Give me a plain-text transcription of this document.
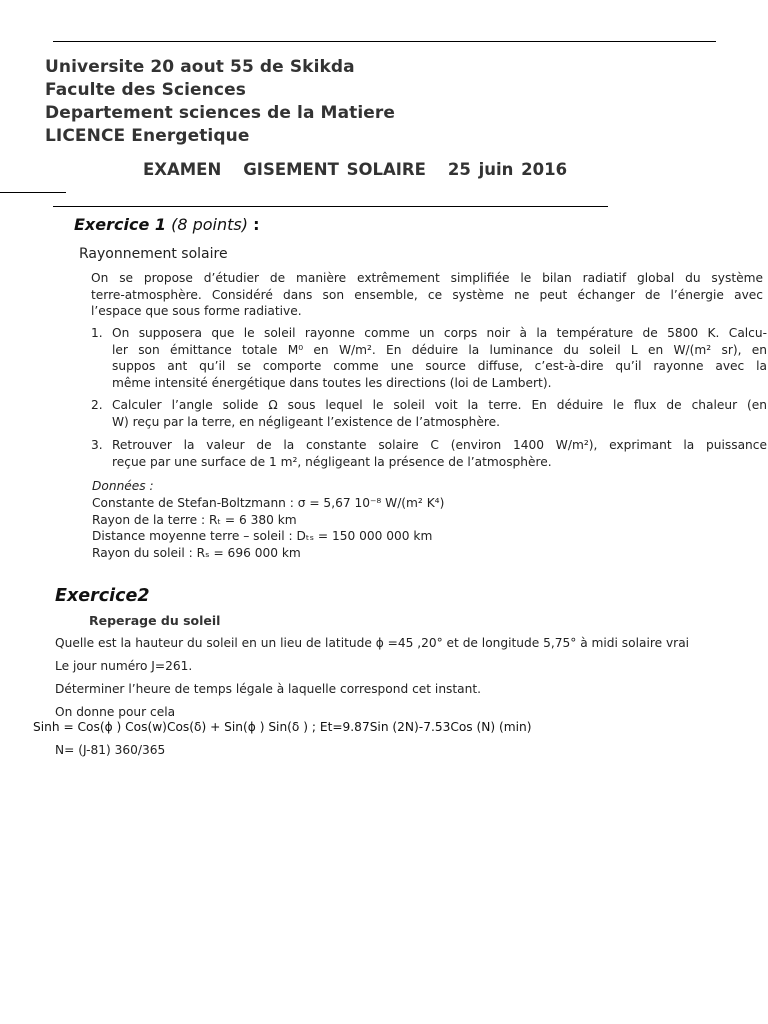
Universite 20 aout 55 de Skikda
Faculte des Sciences
Departement sciences de la Matiere
LICENCE Energetique
EXAMEN GISEMENT SOLAIRE 25 juin 2016
Exercice 1 (8 points) :
Rayonnement solaire
On se propose d’étudier de manière extrêmement simplifiée le bilan radiatif global du système
terre-atmosphère. Considéré dans son ensemble, ce système ne peut échanger de l’énergie avec
l’espace que sous forme radiative.
1. On supposera que le soleil rayonne comme un corps noir à la température de 5800 K. Calcu-
ler son émittance totale M⁰ en W/m². En déduire la luminance du soleil L en W/(m² sr), en
suppos ant qu’il se comporte comme une source diffuse, c’est-à-dire qu’il rayonne avec la
même intensité énergétique dans toutes les directions (loi de Lambert).
2. Calculer l’angle solide Ω sous lequel le soleil voit la terre. En déduire le flux de chaleur (en
W) reçu par la terre, en négligeant l’existence de l’atmosphère.
3. Retrouver la valeur de la constante solaire C (environ 1400 W/m²), exprimant la puissance
reçue par une surface de 1 m², négligeant la présence de l’atmosphère.
Données :
Constante de Stefan-Boltzmann : σ = 5,67 10⁻⁸ W/(m² K⁴)
Rayon de la terre : Rₜ = 6 380 km
Distance moyenne terre – soleil : Dₜₛ = 150 000 000 km
Rayon du soleil : Rₛ = 696 000 km
Exercice2
Reperage du soleil
Quelle est la hauteur du soleil en un lieu de latitude ϕ =45 ,20° et de longitude 5,75° à midi solaire vrai
Le jour numéro J=261.
Déterminer l’heure de temps légale à laquelle correspond cet instant.
On donne pour cela
Sinh = Cos(ϕ ) Cos(w)Cos(δ) + Sin(ϕ ) Sin(δ ) ; Et=9.87Sin (2N)-7.53Cos (N) (min)
N= (J-81) 360/365
